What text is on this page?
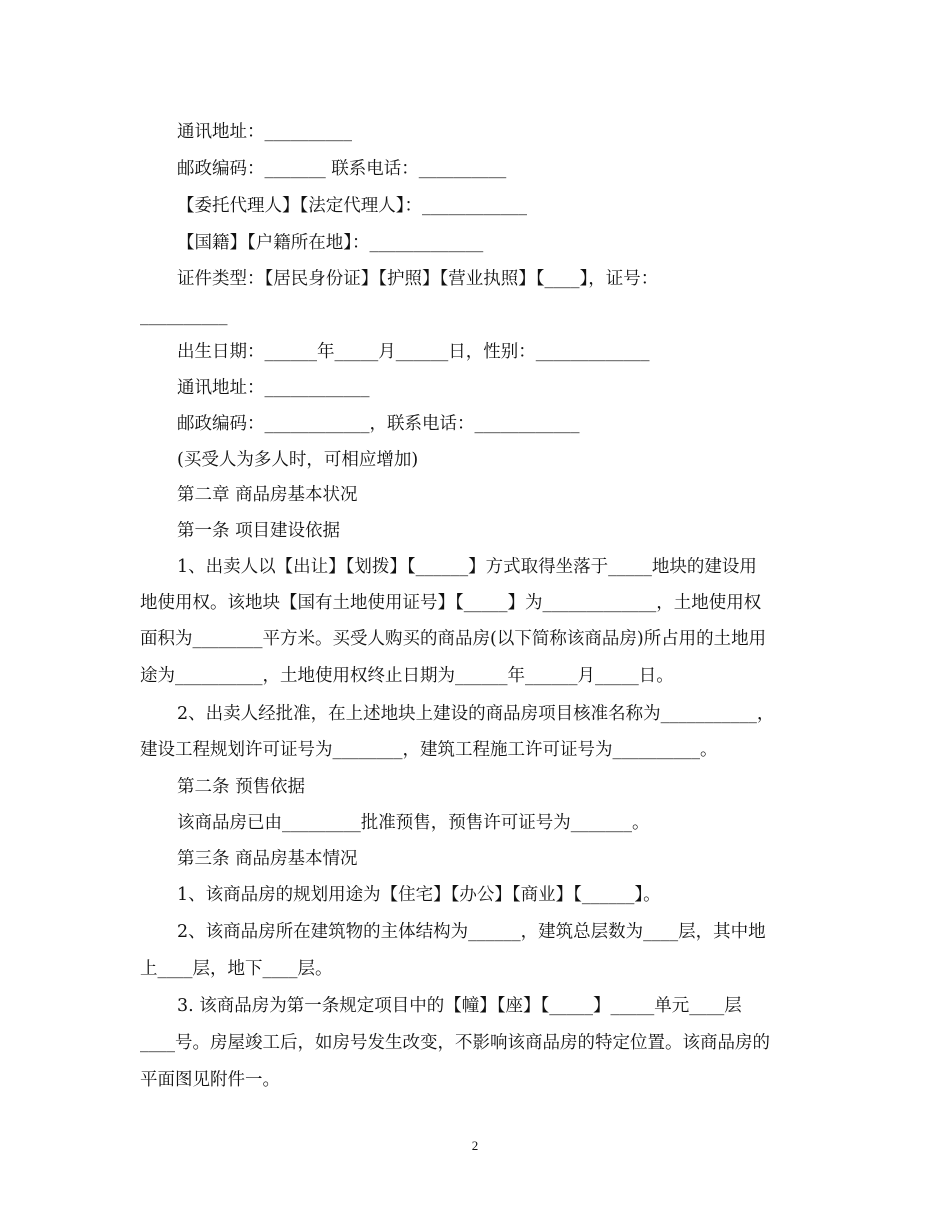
通讯地址：__________
邮政编码：_______ 联系电话：__________
【委托代理人】【法定代理人】：____________
【国籍】【户籍所在地】：_____________
证件类型：【居民身份证】【护照】【营业执照】【____】，证号：
__________
出生日期：______年_____月______日，性别：_____________
通讯地址：____________
邮政编码：____________，联系电话：____________
(买受人为多人时，可相应增加)
第二章 商品房基本状况
第一条 项目建设依据
1、出卖人以【出让】【划拨】【______】方式取得坐落于_____地块的建设用
地使用权。该地块【国有土地使用证号】【_____】为_____________，土地使用权
面积为________平方米。买受人购买的商品房(以下简称该商品房)所占用的土地用
途为__________，土地使用权终止日期为______年______月_____日。
2、出卖人经批准，在上述地块上建设的商品房项目核准名称为___________，
建设工程规划许可证号为________，建筑工程施工许可证号为__________。
第二条 预售依据
该商品房已由_________批准预售，预售许可证号为_______。
第三条 商品房基本情况
1、该商品房的规划用途为【住宅】【办公】【商业】【______】。
2、该商品房所在建筑物的主体结构为______，建筑总层数为____层，其中地
上____层，地下____层。
3. 该商品房为第一条规定项目中的【幢】【座】【_____】_____单元____层
____号。房屋竣工后，如房号发生改变，不影响该商品房的特定位置。该商品房的
平面图见附件一。
2
